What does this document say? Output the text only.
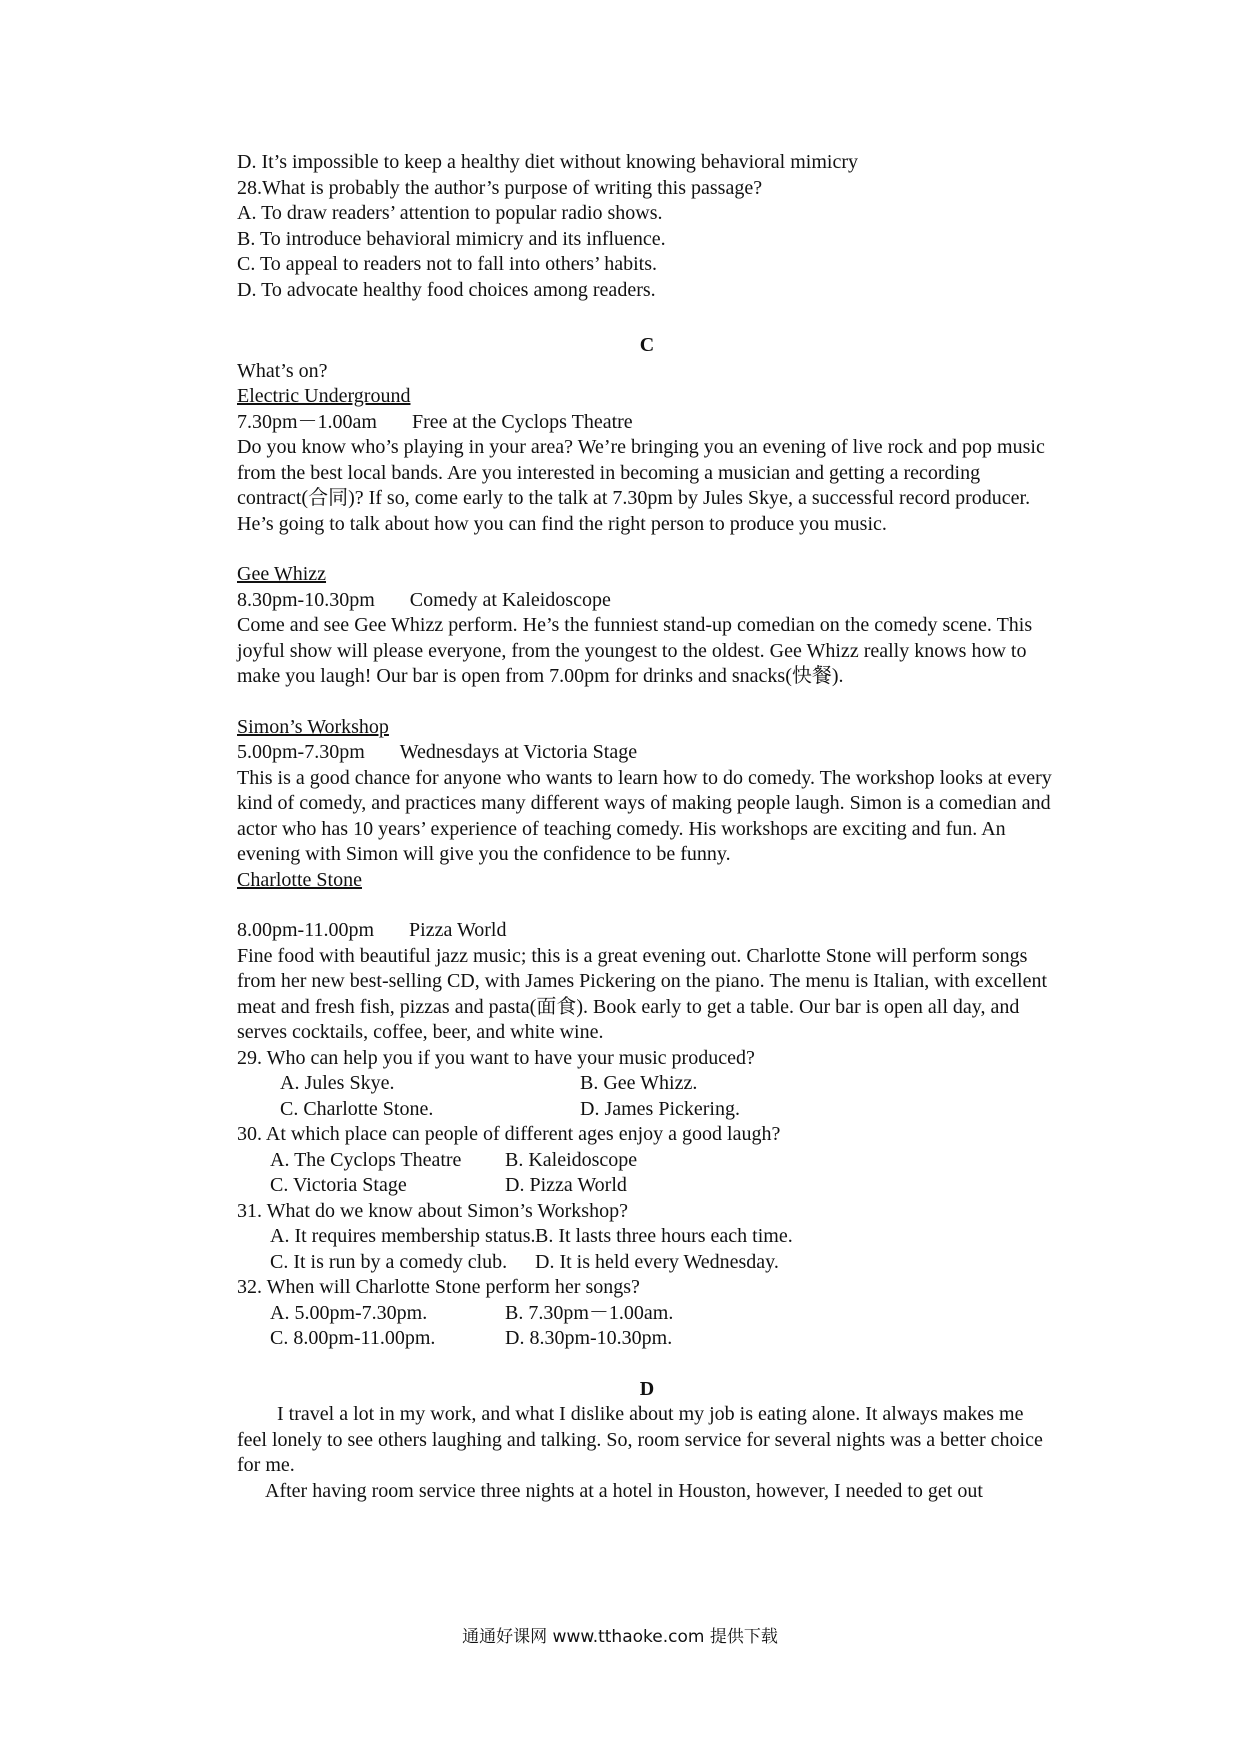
D. It’s impossible to keep a healthy diet without knowing behavioral mimicry
28.What is probably the author’s purpose of writing this passage?
A. To draw readers’ attention to popular radio shows.
B. To introduce behavioral mimicry and its influence.
C. To appeal to readers not to fall into others’ habits.
D. To advocate healthy food choices among readers.
C
What’s on?
Electric Underground
7.30pm－1.00am Free at the Cyclops Theatre
Do you know who’s playing in your area? We’re bringing you an evening of live rock and pop music from the best local bands. Are you interested in becoming a musician and getting a recording contract(合同)? If so, come early to the talk at 7.30pm by Jules Skye, a successful record producer. He’s going to talk about how you can find the right person to produce you music.
Gee Whizz
8.30pm-10.30pm Comedy at Kaleidoscope
Come and see Gee Whizz perform. He’s the funniest stand-up comedian on the comedy scene. This joyful show will please everyone, from the youngest to the oldest. Gee Whizz really knows how to make you laugh! Our bar is open from 7.00pm for drinks and snacks(快餐).
Simon’s Workshop
5.00pm-7.30pm Wednesdays at Victoria Stage
This is a good chance for anyone who wants to learn how to do comedy. The workshop looks at every kind of comedy, and practices many different ways of making people laugh. Simon is a comedian and actor who has 10 years’ experience of teaching comedy. His workshops are exciting and fun. An evening with Simon will give you the confidence to be funny.
Charlotte Stone
8.00pm-11.00pm Pizza World
Fine food with beautiful jazz music; this is a great evening out. Charlotte Stone will perform songs from her new best-selling CD, with James Pickering on the piano. The menu is Italian, with excellent meat and fresh fish, pizzas and pasta(面食). Book early to get a table. Our bar is open all day, and serves cocktails, coffee, beer, and white wine.
29. Who can help you if you want to have your music produced?
A. Jules Skye.	B. Gee Whizz.
C. Charlotte Stone.	D. James Pickering.
30. At which place can people of different ages enjoy a good laugh?
A. The Cyclops Theatre	B. Kaleidoscope
C. Victoria Stage	D. Pizza World
31. What do we know about Simon’s Workshop?
A. It requires membership status. B. It lasts three hours each time.
C. It is run by a comedy club.	D. It is held every Wednesday.
32. When will Charlotte Stone perform her songs?
A. 5.00pm-7.30pm.	B. 7.30pm－1.00am.
C. 8.00pm-11.00pm.	D. 8.30pm-10.30pm.
D
I travel a lot in my work, and what I dislike about my job is eating alone. It always makes me feel lonely to see others laughing and talking. So, room service for several nights was a better choice for me.
After having room service three nights at a hotel in Houston, however, I needed to get out
通通好课网 www.tthaoke.com 提供下载
